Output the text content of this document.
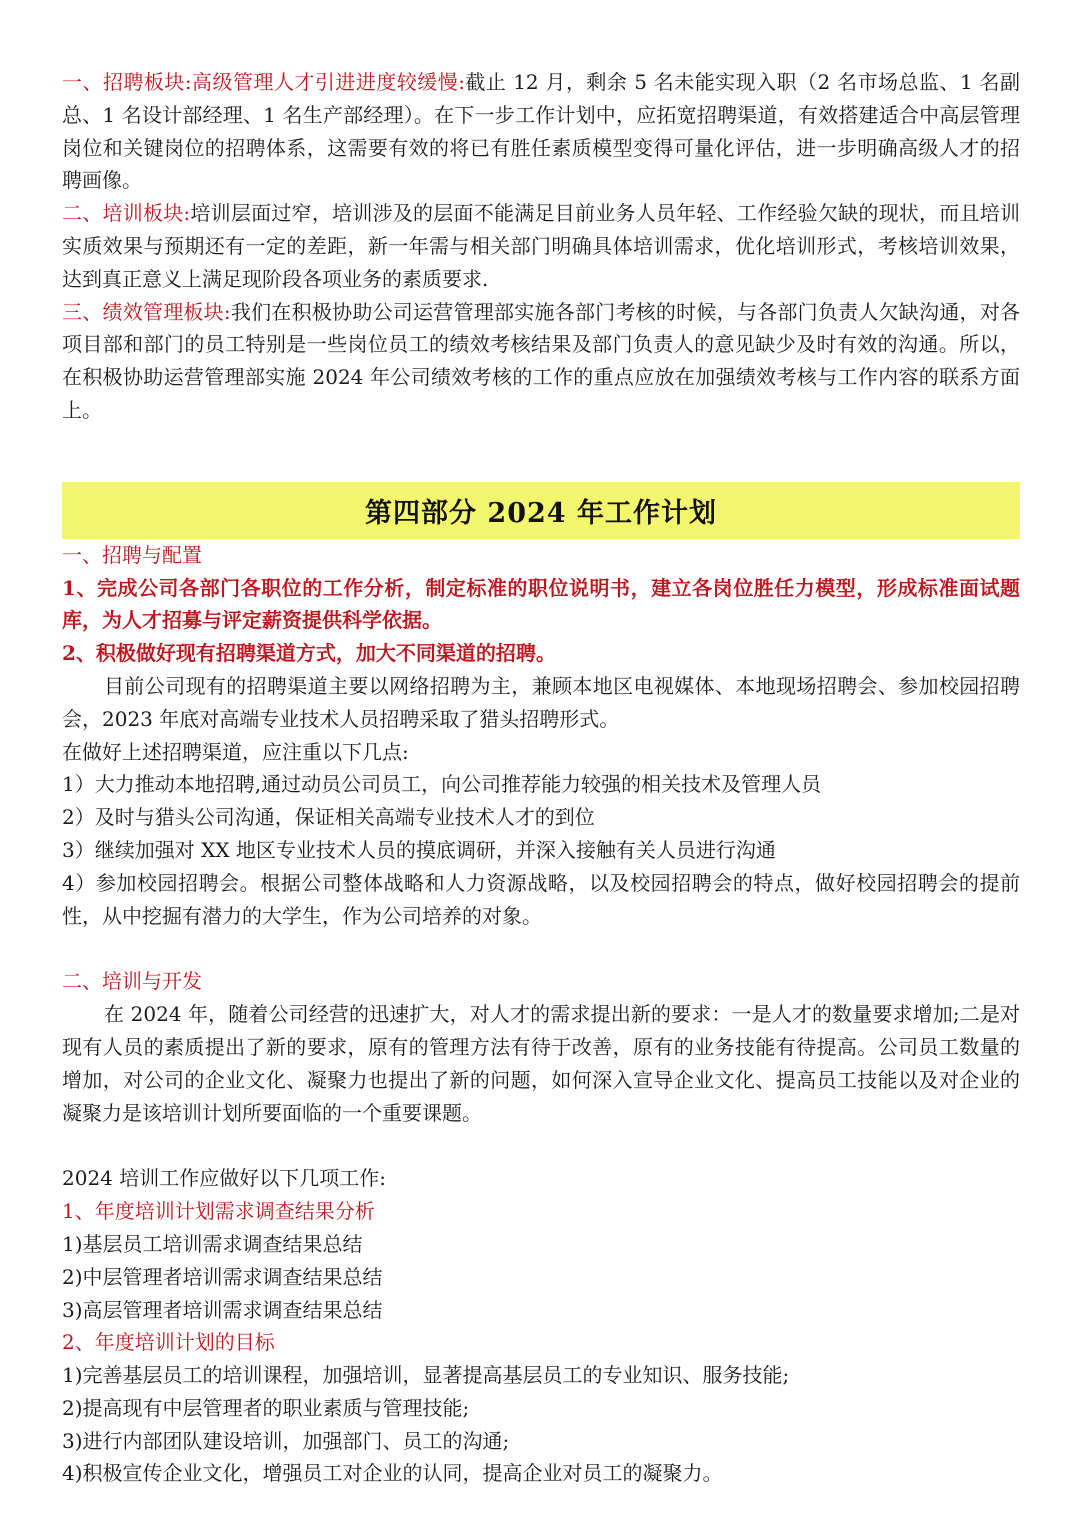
一、招聘板块:高级管理人才引进进度较缓慢:截止 12 月，剩余 5 名未能实现入职（2 名市场总监、1 名副总、1 名设计部经理、1 名生产部经理）。在下一步工作计划中，应拓宽招聘渠道，有效搭建适合中高层管理岗位和关键岗位的招聘体系，这需要有效的将已有胜任素质模型变得可量化评估，进一步明确高级人才的招聘画像。

二、培训板块:培训层面过窄，培训涉及的层面不能满足目前业务人员年轻、工作经验欠缺的现状，而且培训实质效果与预期还有一定的差距，新一年需与相关部门明确具体培训需求，优化培训形式，考核培训效果，达到真正意义上满足现阶段各项业务的素质要求.

三、绩效管理板块:我们在积极协助公司运营管理部实施各部门考核的时候，与各部门负责人欠缺沟通，对各项目部和部门的员工特别是一些岗位员工的绩效考核结果及部门负责人的意见缺少及时有效的沟通。所以，在积极协助运营管理部实施 2024 年公司绩效考核的工作的重点应放在加强绩效考核与工作内容的联系方面上。

第四部分 2024 年工作计划

一、招聘与配置

1、完成公司各部门各职位的工作分析，制定标准的职位说明书，建立各岗位胜任力模型，形成标准面试题库，为人才招募与评定薪资提供科学依据。

2、积极做好现有招聘渠道方式，加大不同渠道的招聘。

目前公司现有的招聘渠道主要以网络招聘为主，兼顾本地区电视媒体、本地现场招聘会、参加校园招聘会，2023 年底对高端专业技术人员招聘采取了猎头招聘形式。

在做好上述招聘渠道，应注重以下几点:

1）大力推动本地招聘,通过动员公司员工，向公司推荐能力较强的相关技术及管理人员

2）及时与猎头公司沟通，保证相关高端专业技术人才的到位

3）继续加强对 XX 地区专业技术人员的摸底调研，并深入接触有关人员进行沟通

4）参加校园招聘会。根据公司整体战略和人力资源战略，以及校园招聘会的特点，做好校园招聘会的提前性，从中挖掘有潜力的大学生，作为公司培养的对象。

二、培训与开发

在 2024 年，随着公司经营的迅速扩大，对人才的需求提出新的要求：一是人才的数量要求增加;二是对现有人员的素质提出了新的要求，原有的管理方法有待于改善，原有的业务技能有待提高。公司员工数量的增加，对公司的企业文化、凝聚力也提出了新的问题，如何深入宣导企业文化、提高员工技能以及对企业的凝聚力是该培训计划所要面临的一个重要课题。

2024 培训工作应做好以下几项工作:

1、年度培训计划需求调查结果分析

1)基层员工培训需求调查结果总结

2)中层管理者培训需求调查结果总结

3)高层管理者培训需求调查结果总结

2、年度培训计划的目标

1)完善基层员工的培训课程，加强培训，显著提高基层员工的专业知识、服务技能;

2)提高现有中层管理者的职业素质与管理技能;

3)进行内部团队建设培训，加强部门、员工的沟通;

4)积极宣传企业文化，增强员工对企业的认同，提高企业对员工的凝聚力。
